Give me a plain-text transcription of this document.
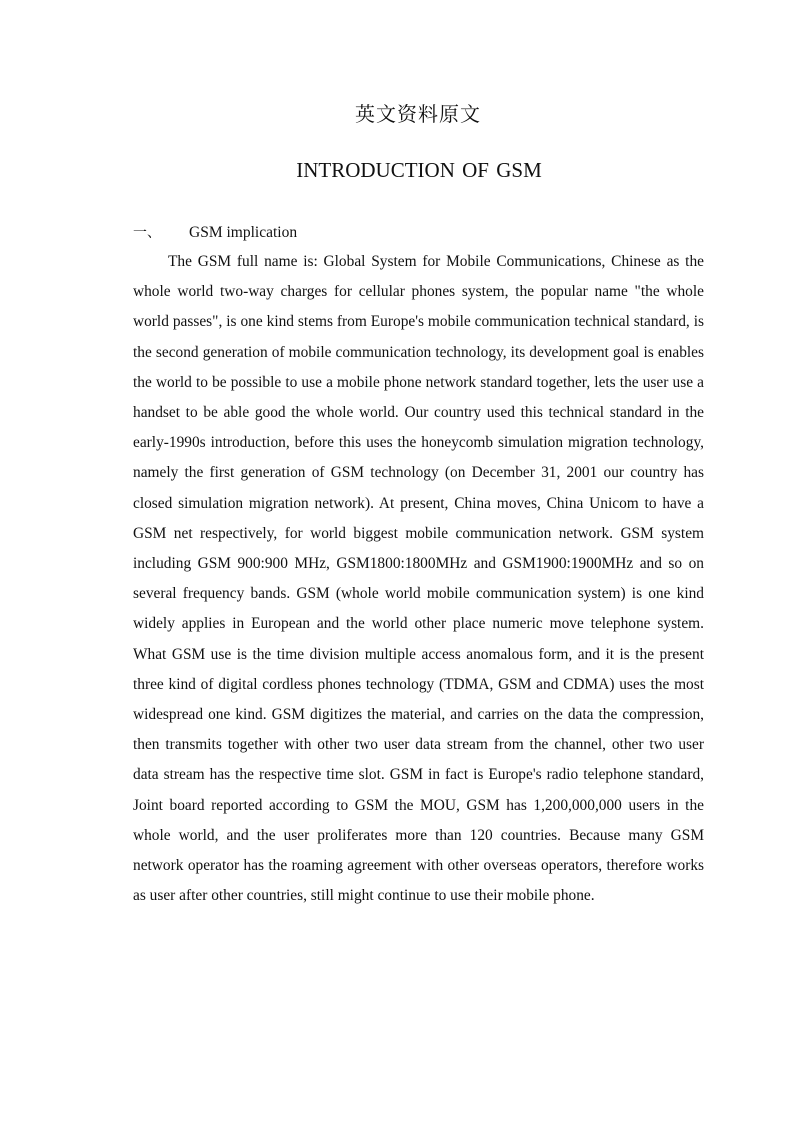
英文资料原文
INTRODUCTION OF GSM
一、 GSM implication

The GSM full name is: Global System for Mobile Communications, Chinese as the whole world two-way charges for cellular phones system, the popular name "the whole world passes", is one kind stems from Europe's mobile communication technical standard, is the second generation of mobile communication technology, its development goal is enables the world to be possible to use a mobile phone network standard together, lets the user use a handset to be able good the whole world. Our country used this technical standard in the early-1990s introduction, before this uses the honeycomb simulation migration technology, namely the first generation of GSM technology (on December 31, 2001 our country has closed simulation migration network). At present, China moves, China Unicom to have a GSM net respectively, for world biggest mobile communication network. GSM system including GSM 900:900 MHz, GSM1800:1800MHz and GSM1900:1900MHz and so on several frequency bands. GSM (whole world mobile communication system) is one kind widely applies in European and the world other place numeric move telephone system. What GSM use is the time division multiple access anomalous form, and it is the present three kind of digital cordless phones technology (TDMA, GSM and CDMA) uses the most widespread one kind. GSM digitizes the material, and carries on the data the compression, then transmits together with other two user data stream from the channel, other two user data stream has the respective time slot. GSM in fact is Europe's radio telephone standard, Joint board reported according to GSM the MOU, GSM has 1,200,000,000 users in the whole world, and the user proliferates more than 120 countries. Because many GSM network operator has the roaming agreement with other overseas operators, therefore works as user after other countries, still might continue to use their mobile phone.
